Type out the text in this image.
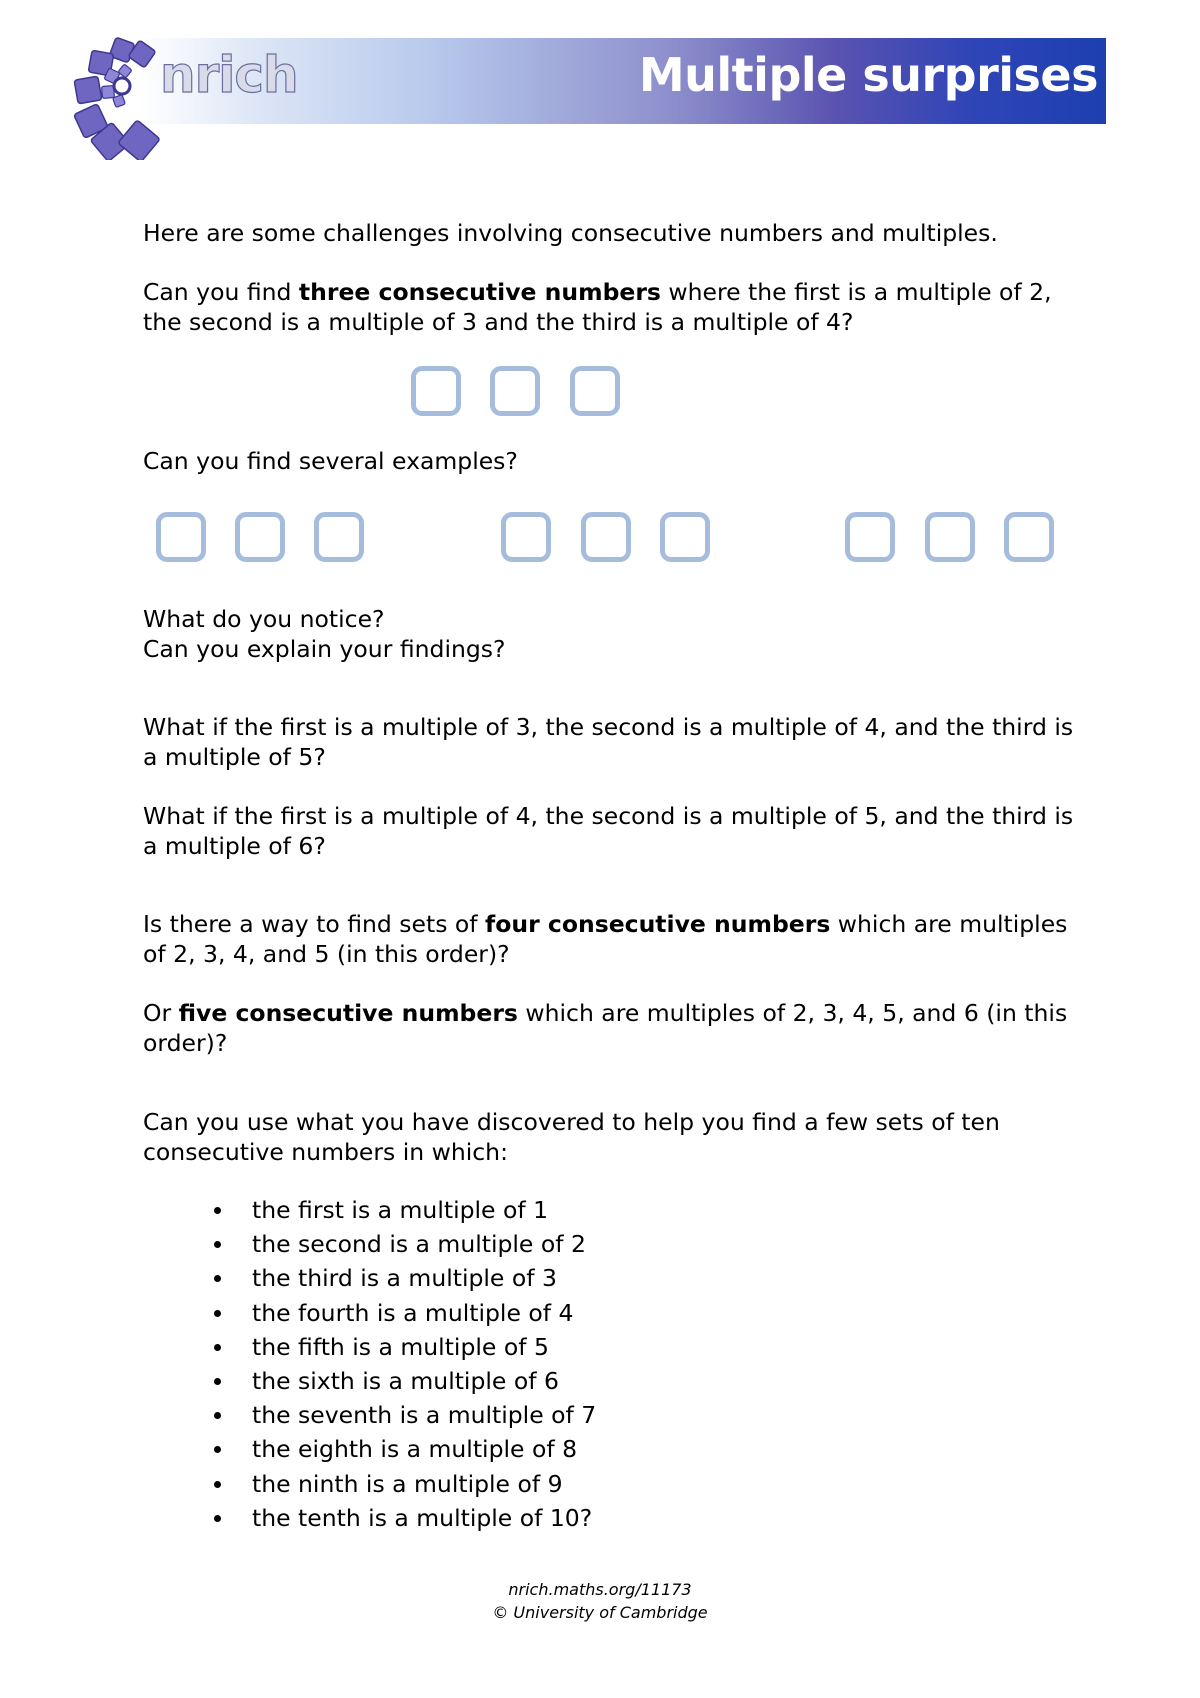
nrich	Multiple surprises

Here are some challenges involving consecutive numbers and multiples.

Can you find three consecutive numbers where the first is a multiple of 2, the second is a multiple of 3 and the third is a multiple of 4?

Can you find several examples?

What do you notice?

Can you explain your findings?

What if the first is a multiple of 3, the second is a multiple of 4, and the third is a multiple of 5?

What if the first is a multiple of 4, the second is a multiple of 5, and the third is a multiple of 6?

Is there a way to find sets of four consecutive numbers which are multiples of 2, 3, 4, and 5 (in this order)?

Or five consecutive numbers which are multiples of 2, 3, 4, 5, and 6 (in this order)?

Can you use what you have discovered to help you find a few sets of ten consecutive numbers in which:

the first is a multiple of 1
the second is a multiple of 2
the third is a multiple of 3
the fourth is a multiple of 4
the fifth is a multiple of 5
the sixth is a multiple of 6
the seventh is a multiple of 7
the eighth is a multiple of 8
the ninth is a multiple of 9
the tenth is a multiple of 10?
nrich.maths.org/11173
© University of Cambridge
